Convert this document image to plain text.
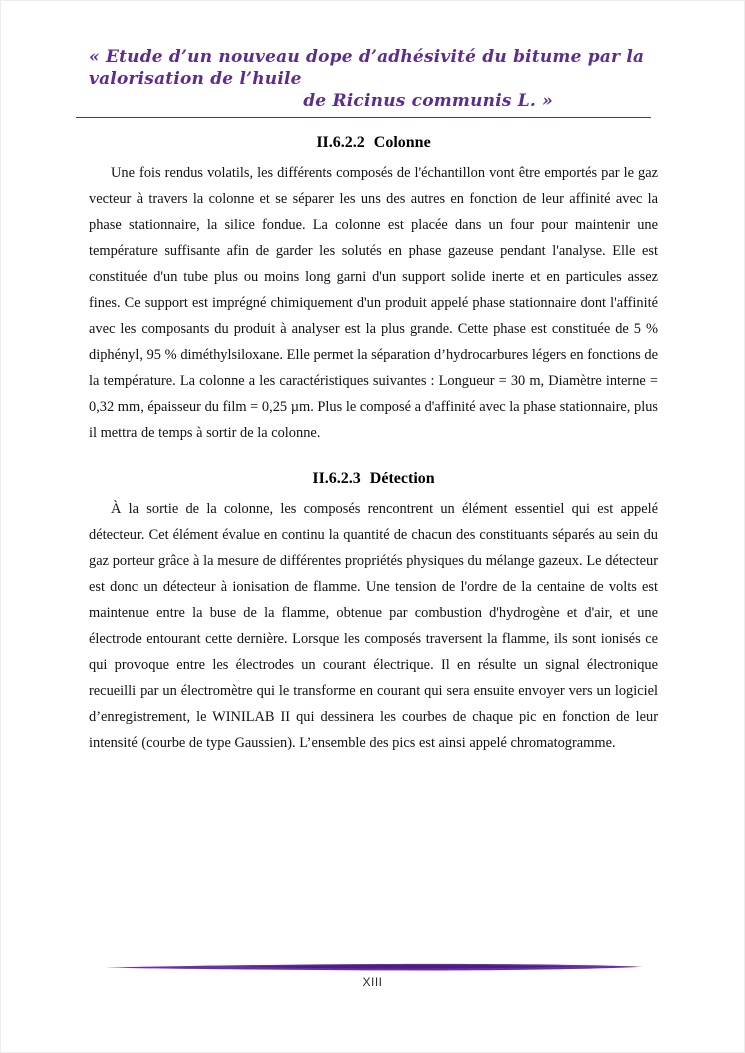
« Etude d’un nouveau dope d’adhésivité du bitume par la valorisation de l’huile
de Ricinus communis L. »
II.6.2.2 Colonne

Une fois rendus volatils, les différents composés de l'échantillon vont être emportés par le gaz vecteur à travers la colonne et se séparer les uns des autres en fonction de leur affinité avec la phase stationnaire, la silice fondue. La colonne est placée dans un four pour maintenir une température suffisante afin de garder les solutés en phase gazeuse pendant l'analyse. Elle est constituée d'un tube plus ou moins long garni d'un support solide inerte et en particules assez fines. Ce support est imprégné chimiquement d'un produit appelé phase stationnaire dont l'affinité avec les composants du produit à analyser est la plus grande. Cette phase est constituée de 5 % diphényl, 95 % diméthylsiloxane. Elle permet la séparation d’hydrocarbures légers en fonctions de la température. La colonne a les caractéristiques suivantes : Longueur = 30 m, Diamètre interne = 0,32 mm, épaisseur du film = 0,25 µm. Plus le composé a d'affinité avec la phase stationnaire, plus il mettra de temps à sortir de la colonne.

II.6.2.3 Détection

À la sortie de la colonne, les composés rencontrent un élément essentiel qui est appelé détecteur. Cet élément évalue en continu la quantité de chacun des constituants séparés au sein du gaz porteur grâce à la mesure de différentes propriétés physiques du mélange gazeux. Le détecteur est donc un détecteur à ionisation de flamme. Une tension de l'ordre de la centaine de volts est maintenue entre la buse de la flamme, obtenue par combustion d'hydrogène et d'air, et une électrode entourant cette dernière. Lorsque les composés traversent la flamme, ils sont ionisés ce qui provoque entre les électrodes un courant électrique. Il en résulte un signal électronique recueilli par un électromètre qui le transforme en courant qui sera ensuite envoyer vers un logiciel d’enregistrement, le WINILAB II qui dessinera les courbes de chaque pic en fonction de leur intensité (courbe de type Gaussien). L’ensemble des pics est ainsi appelé chromatogramme.

XIII
